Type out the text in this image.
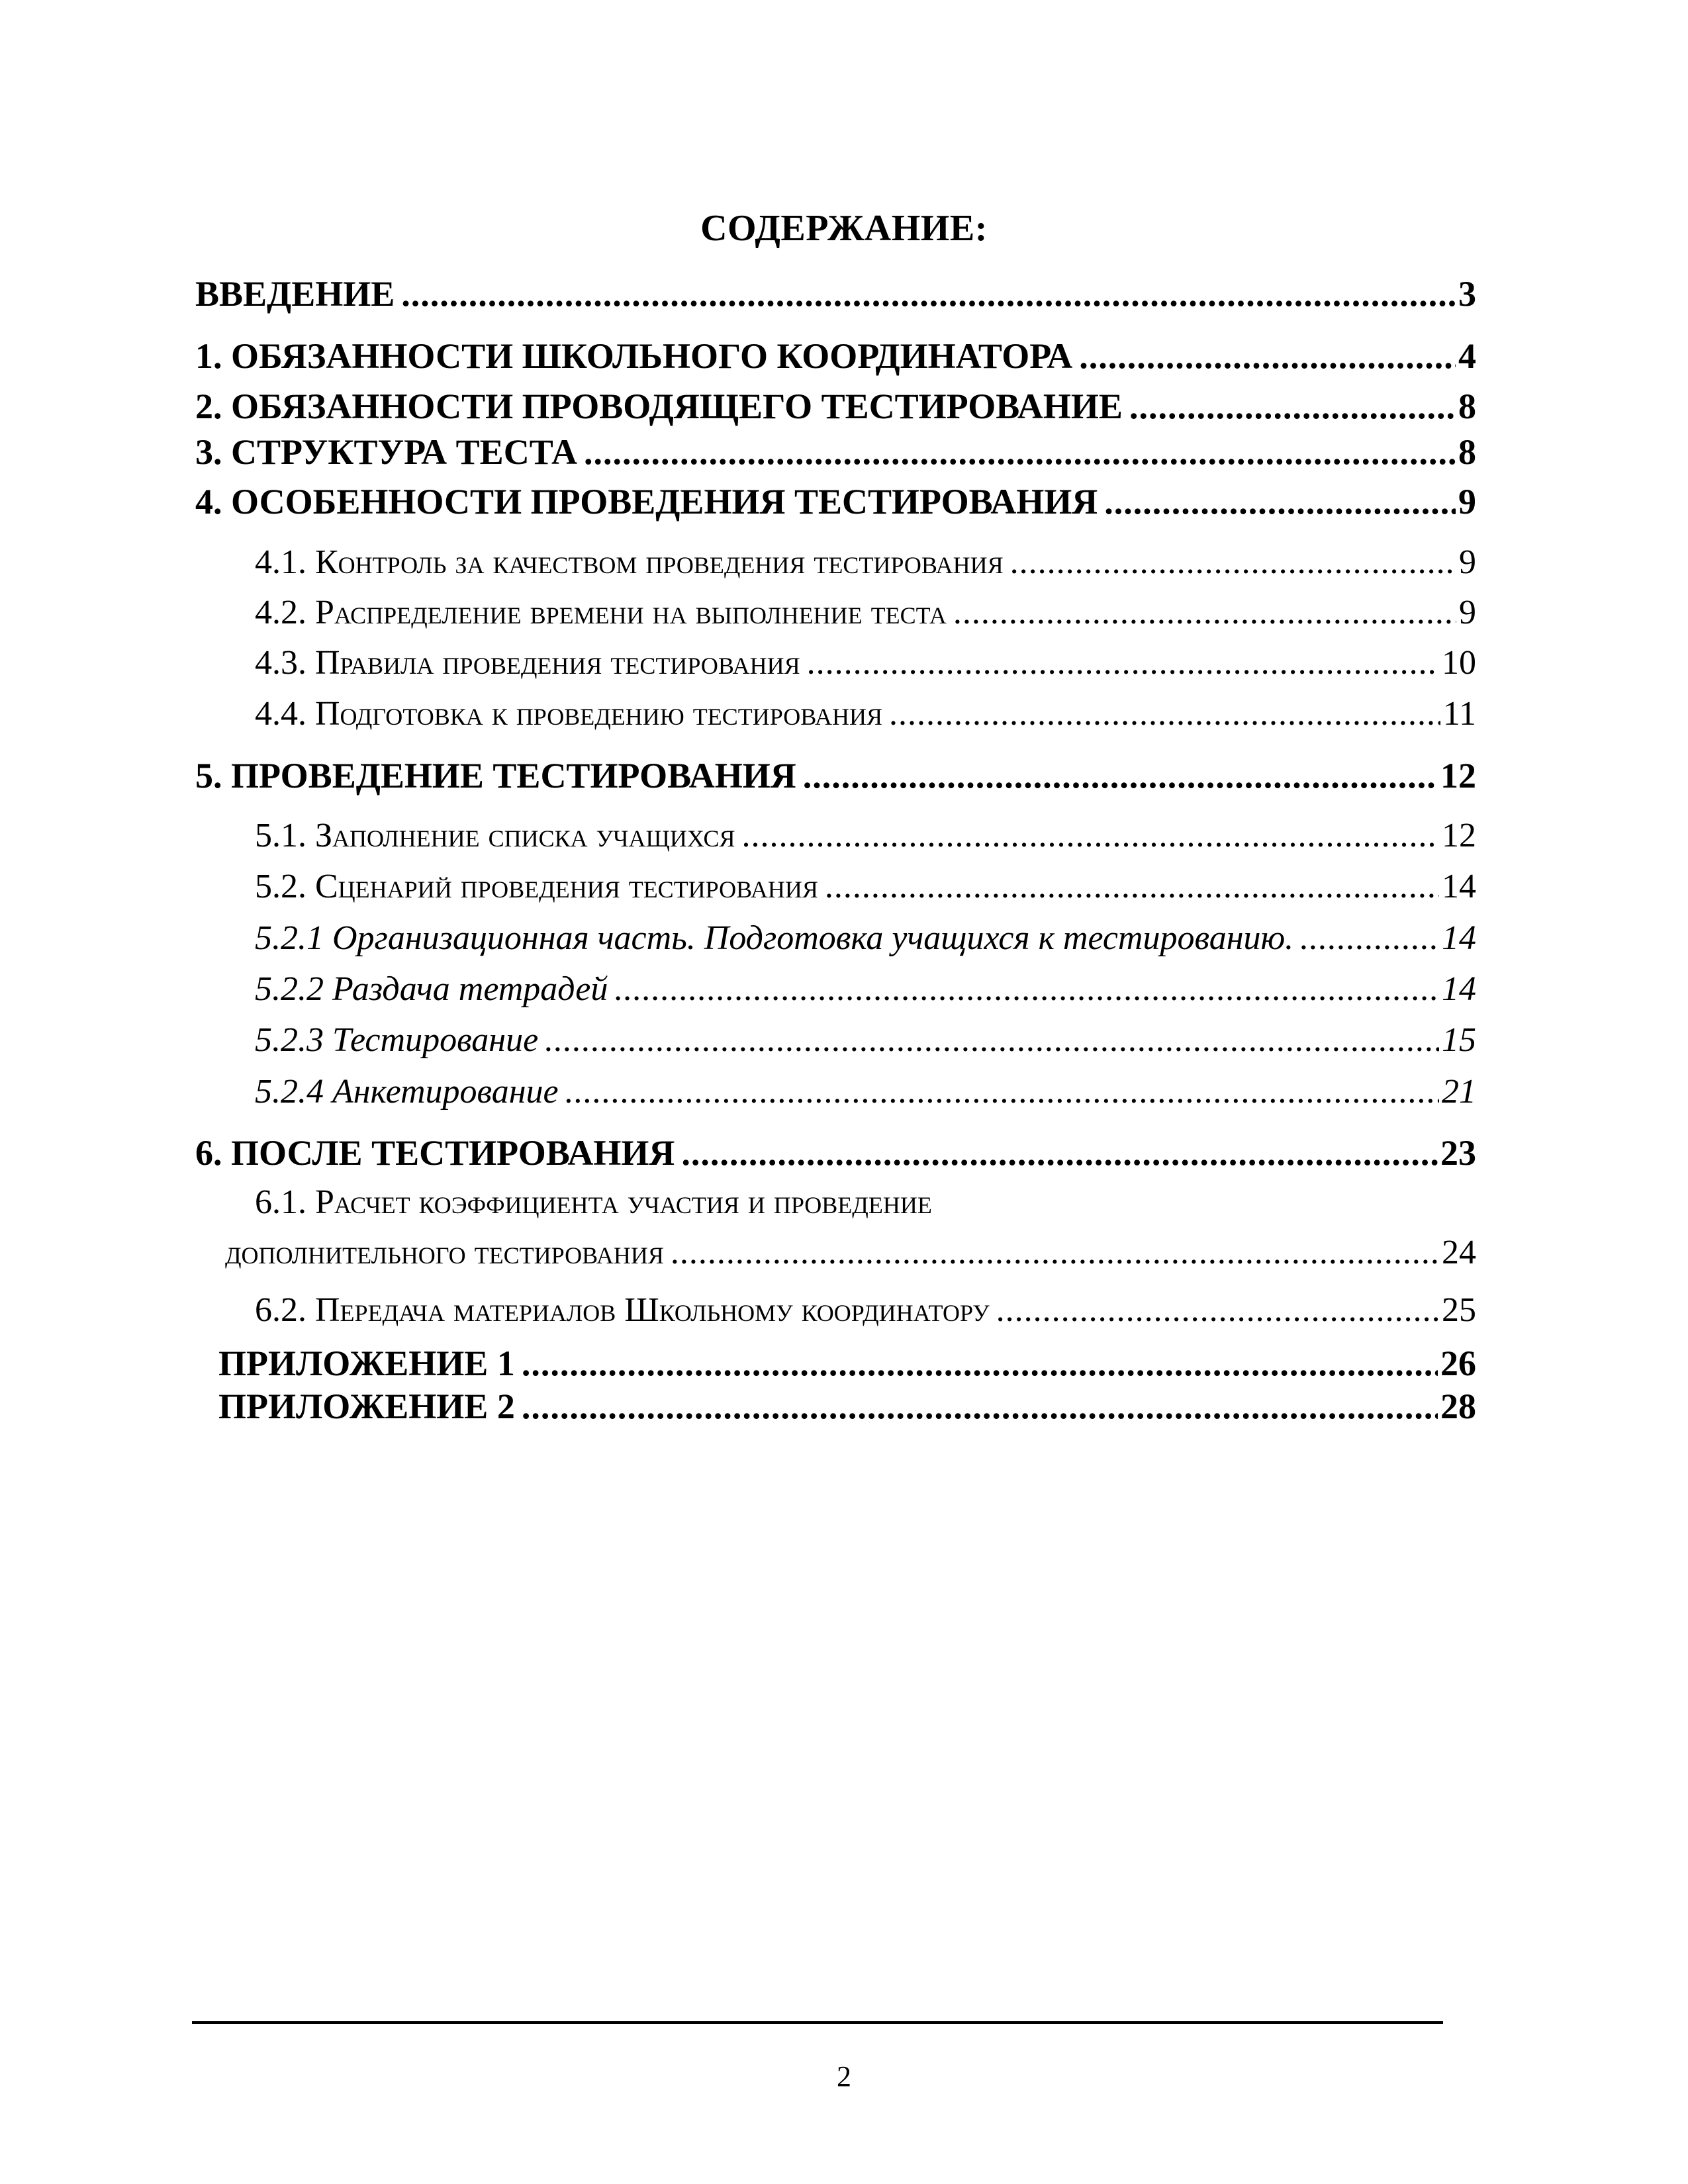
СОДЕРЖАНИЕ:
ВВЕДЕНИЕ .....	3
1. ОБЯЗАННОСТИ ШКОЛЬНОГО КООРДИНАТОРА .....	4
2. ОБЯЗАННОСТИ ПРОВОДЯЩЕГО ТЕСТИРОВАНИЕ .....	8
3. СТРУКТУРА ТЕСТА .....	8
4. ОСОБЕННОСТИ ПРОВЕДЕНИЯ ТЕСТИРОВАНИЯ .....	9
4.1. Контроль за качеством проведения тестирования .....	9
4.2. Распределение времени на выполнение теста .....	9
4.3. Правила проведения тестирования .....	10
4.4. Подготовка к проведению тестирования .....	11
5. ПРОВЕДЕНИЕ ТЕСТИРОВАНИЯ .....	12
5.1. Заполнение списка учащихся .....	12
5.2. Сценарий проведения тестирования .....	14
5.2.1 Организационная часть. Подготовка учащихся к тестированию. .....	14
5.2.2 Раздача тетрадей .....	14
5.2.3 Тестирование .....	15
5.2.4 Анкетирование .....	21
6. ПОСЛЕ ТЕСТИРОВАНИЯ .....	23
6.1. Расчет коэффициента участия и проведение
дополнительного тестирования .....	24
6.2. Передача материалов Школьному координатору .....	25
ПРИЛОЖЕНИЕ 1 .....	26
ПРИЛОЖЕНИЕ 2 .....	28
2
